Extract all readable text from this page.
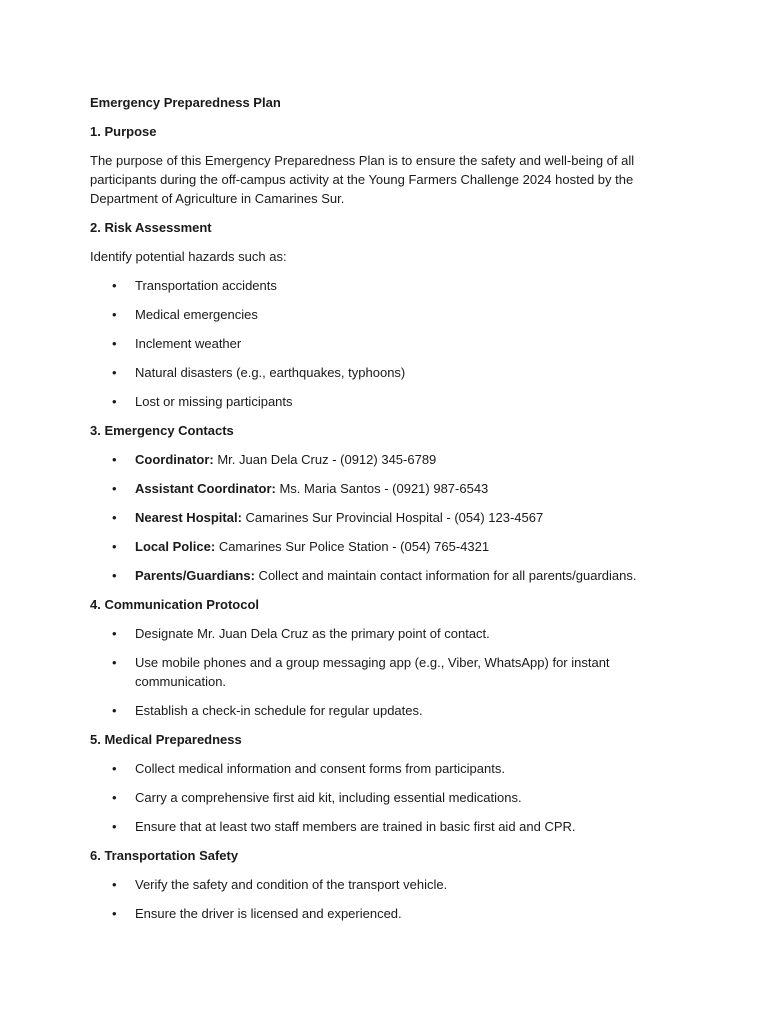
Emergency Preparedness Plan

1. Purpose

The purpose of this Emergency Preparedness Plan is to ensure the safety and well-being of all participants during the off-campus activity at the Young Farmers Challenge 2024 hosted by the Department of Agriculture in Camarines Sur.

2. Risk Assessment

Identify potential hazards such as:

• Transportation accidents
• Medical emergencies
• Inclement weather
• Natural disasters (e.g., earthquakes, typhoons)
• Lost or missing participants

3. Emergency Contacts

• Coordinator: Mr. Juan Dela Cruz - (0912) 345-6789
• Assistant Coordinator: Ms. Maria Santos - (0921) 987-6543
• Nearest Hospital: Camarines Sur Provincial Hospital - (054) 123-4567
• Local Police: Camarines Sur Police Station - (054) 765-4321
• Parents/Guardians: Collect and maintain contact information for all parents/guardians.

4. Communication Protocol

• Designate Mr. Juan Dela Cruz as the primary point of contact.
• Use mobile phones and a group messaging app (e.g., Viber, WhatsApp) for instant communication.
• Establish a check-in schedule for regular updates.

5. Medical Preparedness

• Collect medical information and consent forms from participants.
• Carry a comprehensive first aid kit, including essential medications.
• Ensure that at least two staff members are trained in basic first aid and CPR.

6. Transportation Safety

• Verify the safety and condition of the transport vehicle.
• Ensure the driver is licensed and experienced.
